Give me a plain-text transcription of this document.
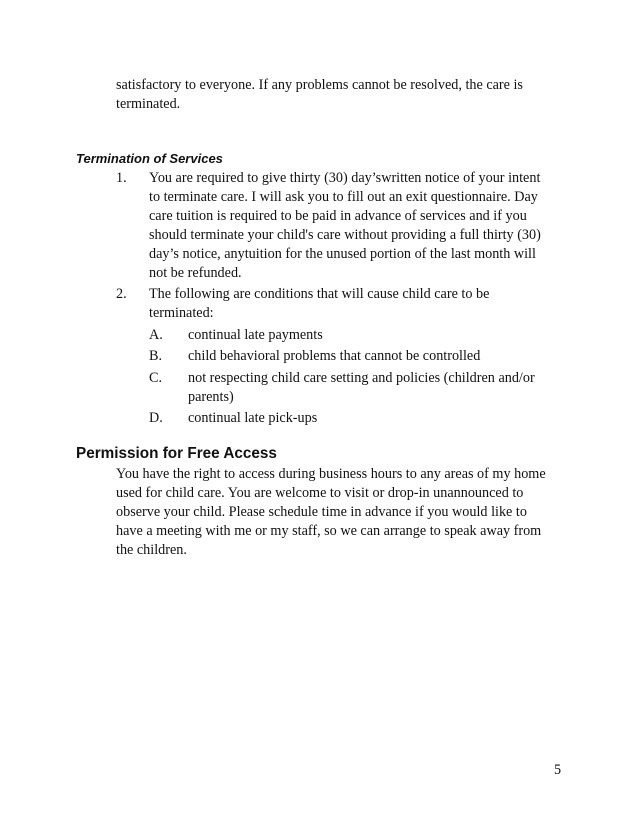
satisfactory to everyone. If any problems cannot be resolved, the care is
terminated.
Termination of Services
1. You are required to give thirty (30) day’swritten notice of your intent
to terminate care. I will ask you to fill out an exit questionnaire. Day
care tuition is required to be paid in advance of services and if you
should terminate your child's care without providing a full thirty (30)
day’s notice, anytuition for the unused portion of the last month will
not be refunded.
2. The following are conditions that will cause child care to be
terminated:
A. continual late payments
B. child behavioral problems that cannot be controlled
C. not respecting child care setting and policies (children and/or
parents)
D. continual late pick-ups
Permission for Free Access
You have the right to access during business hours to any areas of my home
used for child care. You are welcome to visit or drop-in unannounced to
observe your child. Please schedule time in advance if you would like to
have a meeting with me or my staff, so we can arrange to speak away from
the children.
5
